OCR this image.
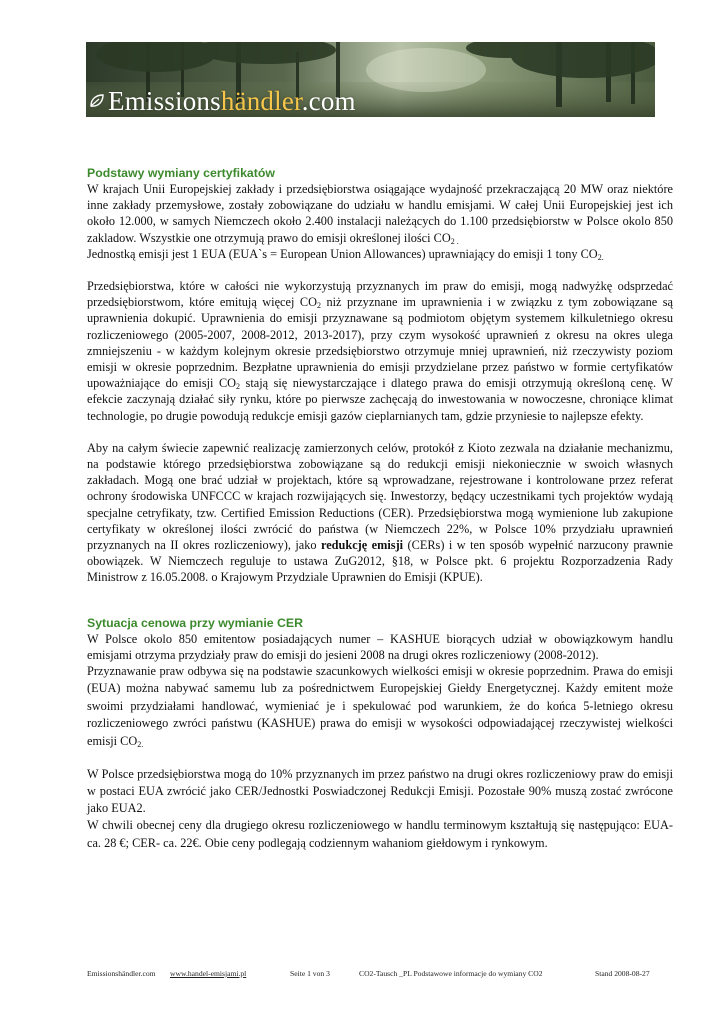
Emissionshändler.com
Podstawy wymiany certyfikatów

W krajach Unii Europejskiej zakłady i przedsiębiorstwa osiągające wydajność przekraczającą 20 MW oraz niektóre inne zakłady przemysłowe, zostały zobowiązane do udziału w handlu emisjami. W całej Unii Europejskiej jest ich około 12.000, w samych Niemczech około 2.400 instalacji należących do 1.100 przedsiębiorstw w Polsce okolo 850 zakladow. Wszystkie one otrzymują prawo do emisji określonej ilości $CO_{2 .}$

Jednostką emisji jest 1 EUA (EUA`s = European Union Allowances) uprawniający do emisji 1 tony $CO_{2.}$

Przedsiębiorstwa, które w całości nie wykorzystują przyznanych im praw do emisji, mogą nadwyżkę odsprzedać przedsiębiorstwom, które emitują więcej $CO_2$ niż przyznane im uprawnienia i w związku z tym zobowiązane są uprawnienia dokupić. Uprawnienia do emisji przyznawane są podmiotom objętym systemem kilkuletniego okresu rozliczeniowego (2005-2007, 2008-2012, 2013-2017), przy czym wysokość uprawnień z okresu na okres ulega zmniejszeniu - w każdym kolejnym okresie przedsiębiorstwo otrzymuje mniej uprawnień, niż rzeczywisty poziom emisji w okresie poprzednim. Bezpłatne uprawnienia do emisji przydzielane przez państwo w formie certyfikatów upoważniające do emisji $CO_2$ stają się niewystarczające i dlatego prawa do emisji otrzymują określoną cenę. W efekcie zaczynają działać siły rynku, które po pierwsze zachęcają do inwestowania w nowoczesne, chroniące klimat technologie, po drugie powodują redukcje emisji gazów cieplarnianych tam, gdzie przyniesie to najlepsze efekty.

Aby na całym świecie zapewnić realizację zamierzonych celów, protokół z Kioto zezwala na działanie mechanizmu, na podstawie którego przedsiębiorstwa zobowiązane są do redukcji emisji niekoniecznie w swoich własnych zakładach. Mogą one brać udział w projektach, które są wprowadzane, rejestrowane i kontrolowane przez referat ochrony środowiska UNFCCC w krajach rozwijających się. Inwestorzy, będący uczestnikami tych projektów wydają specjalne cetryfikaty, tzw. Certified Emission Reductions (CER). Przedsiębiorstwa mogą wymienione lub zakupione certyfikaty w określonej ilości zwrócić do państwa (w Niemczech 22%, w Polsce 10% przydziału uprawnień przyznanych na II okres rozliczeniowy), jako redukcję emisji (CERs) i w ten sposób wypełnić narzucony prawnie obowiązek. W Niemczech reguluje to ustawa ZuG2012, §18, w Polsce pkt. 6 projektu Rozporzadzenia Rady Ministrow z 16.05.2008. o Krajowym Przydziale Uprawnien do Emisji (KPUE).

Sytuacja cenowa przy wymianie CER

W Polsce okolo 850 emitentow posiadających numer – KASHUE biorących udział w obowiązkowym handlu emisjami otrzyma przydziały praw do emisji do jesieni 2008 na drugi okres rozliczeniowy (2008-2012).

Przyznawanie praw odbywa się na podstawie szacunkowych wielkości emisji w okresie poprzednim. Prawa do emisji (EUA) można nabywać samemu lub za pośrednictwem Europejskiej Giełdy Energetycznej. Każdy emitent może swoimi przydziałami handlować, wymieniać je i spekulować pod warunkiem, że do końca 5-letniego okresu rozliczeniowego zwróci państwu (KASHUE) prawa do emisji w wysokości odpowiadającej rzeczywistej wielkości emisji $CO_{2.}$

W Polsce przedsiębiorstwa mogą do 10% przyznanych im przez państwo na drugi okres rozliczeniowy praw do emisji w postaci EUA zwrócić jako CER/Jednostki Poswiadczonej Redukcji Emisji. Pozostałe 90% muszą zostać zwrócone jako EUA2.

W chwili obecnej ceny dla drugiego okresu rozliczeniowego w handlu terminowym kształtują się następująco: EUA- ca. 28 €; CER- ca. 22€. Obie ceny podlegają codziennym wahaniom giełdowym i rynkowym.

Emissionshändler.com www.handel-emisjami.pl	Seite 1 von 3	CO2-Tausch _PL Podstawowe informacje do wymiany CO2	Stand 2008-08-27
